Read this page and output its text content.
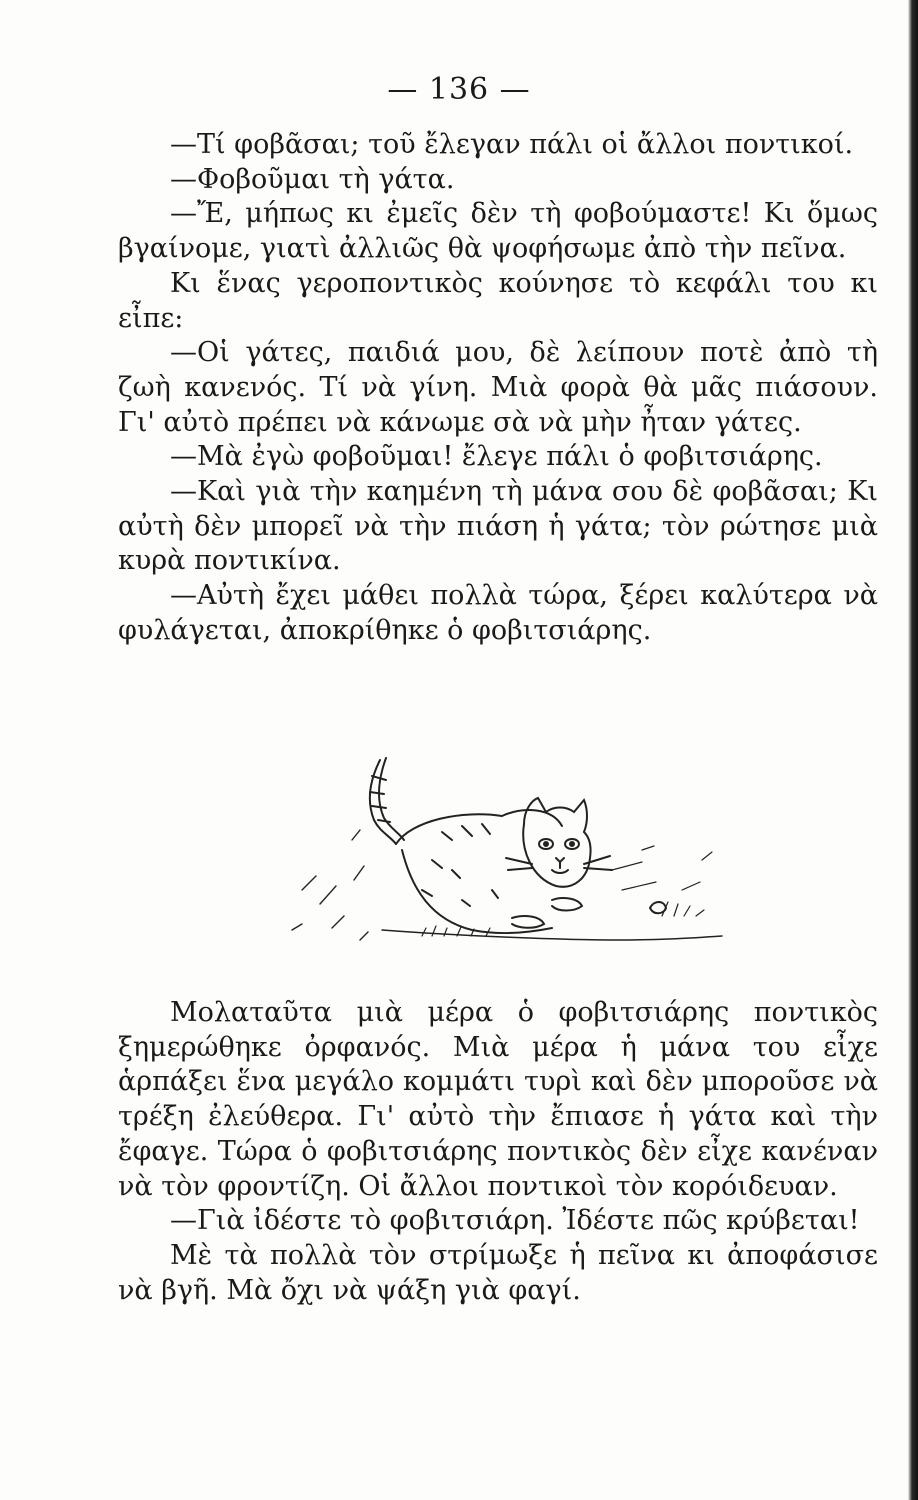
— 136 —

—Τί φοβᾶσαι; τοῦ ἔλεγαν πάλι οἱ ἄλλοι ποντικοί.

—Φοβοῦμαι τὴ γάτα.

—Ἔ, μήπως κι ἐμεῖς δὲν τὴ φοβούμαστε! Κι ὅμως βγαίνομε, γιατὶ ἀλλιῶς θὰ ψοφήσωμε ἀπὸ τὴν πεῖνα.

Κι ἕνας γεροποντικὸς κούνησε τὸ κεφάλι του κι εἶπε:

—Οἱ γάτες, παιδιά μου, δὲ λείπουν ποτὲ ἀπὸ τὴ ζωὴ κανενός. Τί νὰ γίνη. Μιὰ φορὰ θὰ μᾶς πιάσουν. Γι' αὐτὸ πρέπει νὰ κάνωμε σὰ νὰ μὴν ἦταν γάτες.

—Μὰ ἐγὼ φοβοῦμαι! ἔλεγε πάλι ὁ φοβιτσιάρης.

—Καὶ γιὰ τὴν καημένη τὴ μάνα σου δὲ φοβᾶσαι; Κι αὐτὴ δὲν μπορεῖ νὰ τὴν πιάση ἡ γάτα; τὸν ρώτησε μιὰ κυρὰ ποντικίνα.

—Αὐτὴ ἔχει μάθει πολλὰ τώρα, ξέρει καλύτερα νὰ φυλάγεται, ἀποκρίθηκε ὁ φοβιτσιάρης.

Μολαταῦτα μιὰ μέρα ὁ φοβιτσιάρης ποντικὸς ξημερώθηκε ὀρφανός. Μιὰ μέρα ἡ μάνα του εἶχε ἁρπάξει ἕνα μεγάλο κομμάτι τυρὶ καὶ δὲν μποροῦσε νὰ τρέξη ἐλεύθερα. Γι' αὐτὸ τὴν ἔπιασε ἡ γάτα καὶ τὴν ἔφαγε. Τώρα ὁ φοβιτσιάρης ποντικὸς δὲν εἶχε κανέναν νὰ τὸν φροντίζη. Οἱ ἄλλοι ποντικοὶ τὸν κορόιδευαν.

—Γιὰ ἰδέστε τὸ φοβιτσιάρη. Ἰδέστε πῶς κρύβεται!

Μὲ τὰ πολλὰ τὸν στρίμωξε ἡ πεῖνα κι ἀποφάσισε νὰ βγῆ. Μὰ ὄχι νὰ ψάξη γιὰ φαγί.
